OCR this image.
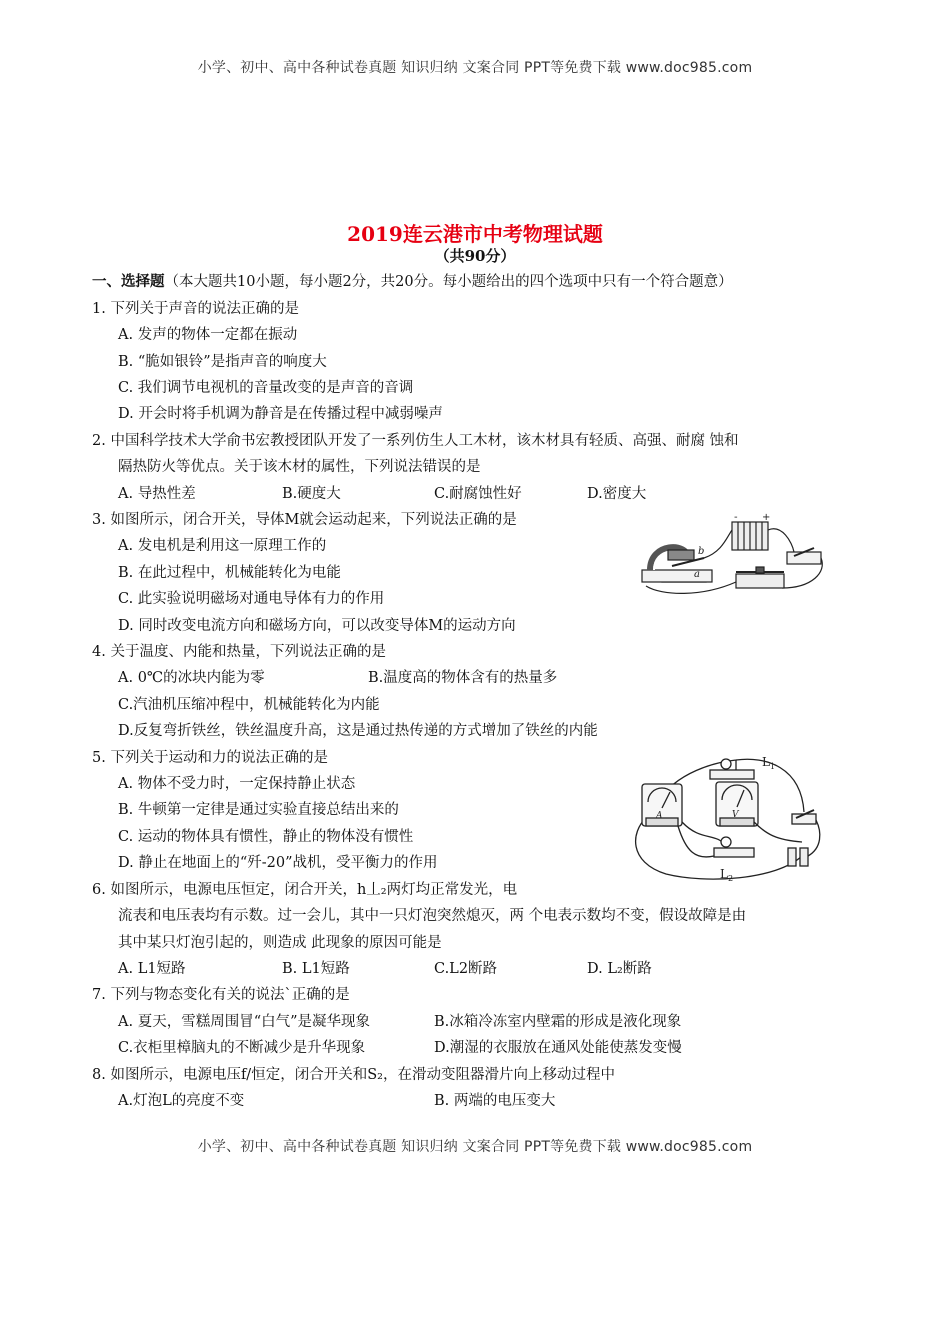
小学、初中、高中各种试卷真题 知识归纳 文案合同 PPT等免费下载 www.doc985.com
2019连云港市中考物理试题
（共90分）
一、选择题（本大题共10小题，每小题2分，共20分。每小题给出的四个选项中只有一个符合题意）
1. 下列关于声音的说法正确的是
A. 发声的物体一定都在振动
B. “脆如银铃”是指声音的响度大
C. 我们调节电视机的音量改变的是声音的音调
D. 开会时将手机调为静音是在传播过程中减弱噪声
2. 中国科学技术大学俞书宏教授团队开发了一系列仿生人工木材，该木材具有轻质、高强、耐腐 蚀和
隔热防火等优点。关于该木材的属性，下列说法错误的是
A. 导热性差	B.硬度大	C.耐腐蚀性好	D.密度大
3. 如图所示，闭合开关，导体M就会运动起来，下列说法正确的是
A. 发电机是利用这一原理工作的
B. 在此过程中，机械能转化为电能
C. 此实验说明磁场对通电导体有力的作用
D. 同时改变电流方向和磁场方向，可以改变导体M的运动方向
- +
a
b
4. 关于温度、内能和热量，下列说法正确的是
A. 0℃的冰块内能为零	B.温度高的物体含有的热量多
C.汽油机压缩冲程中，机械能转化为内能
D.反复弯折铁丝，铁丝温度升高，这是通过热传递的方式增加了铁丝的内能
5. 下列关于运动和力的说法正确的是
A. 物体不受力时，一定保持静止状态
B. 牛顿第一定律是通过实验直接总结出来的
C. 运动的物体具有惯性，静止的物体没有惯性
D. 静止在地面上的“歼-20”战机，受平衡力的作用
A	V
$L_1$
$L_2$
6. 如图所示，电源电压恒定，闭合开关，h丄₂两灯均正常发光，电
流表和电压表均有示数。过一会儿，其中一只灯泡突然熄灭，两 个电表示数均不变，假设故障是由
其中某只灯泡引起的，则造成 此现象的原因可能是
A. L1短路	B. L1短路	C.L2断路	D. L₂断路
7. 下列与物态变化有关的说法`正确的是
A. 夏天，雪糕周围冒“白气”是凝华现象	B.冰箱冷冻室内壁霜的形成是液化现象
C.衣柜里樟脑丸的不断减少是升华现象	D.潮湿的衣服放在通风处能使蒸发变慢
8. 如图所示，电源电压f/恒定，闭合开关和S₂，在滑动变阻器滑片向上移动过程中
A.灯泡L的亮度不变	B. 两端的电压变大
小学、初中、高中各种试卷真题 知识归纳 文案合同 PPT等免费下载 www.doc985.com
